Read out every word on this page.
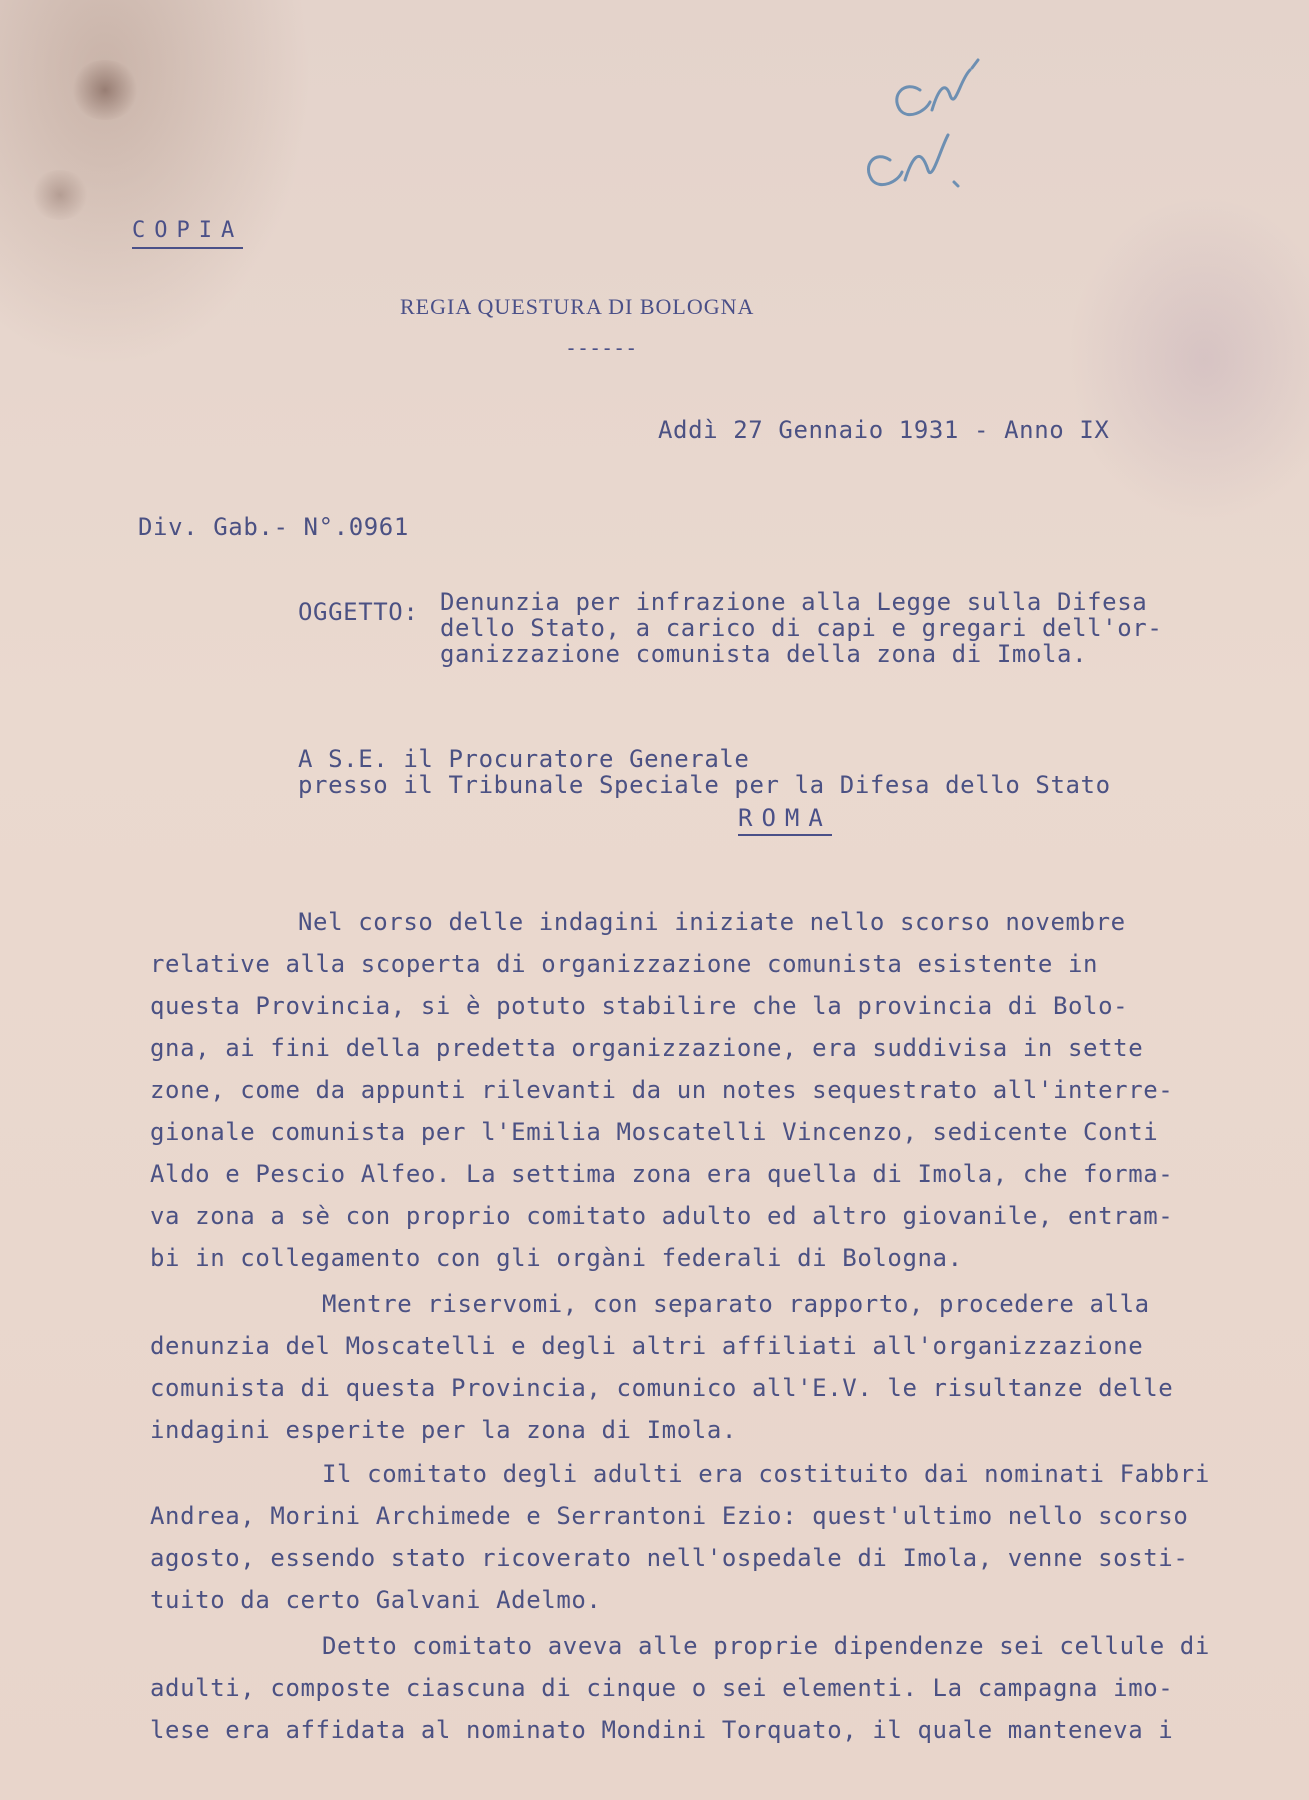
COPIA
REGIA QUESTURA DI BOLOGNA
------
Addì 27 Gennaio 1931 - Anno IX
Div. Gab.- N°.0961
OGGETTO: Denunzia per infrazione alla Legge sulla Difesa
dello Stato, a carico di capi e gregari dell'or-
ganizzazione comunista della zona di Imola.
A S.E. il Procuratore Generale
presso il Tribunale Speciale per la Difesa dello Stato
ROMA
Nel corso delle indagini iniziate nello scorso novembre
relative alla scoperta di organizzazione comunista esistente in
questa Provincia, si è potuto stabilire che la provincia di Bolo-
gna, ai fini della predetta organizzazione, era suddivisa in sette
zone, come da appunti rilevanti da un notes sequestrato all'interre-
gionale comunista per l'Emilia Moscatelli Vincenzo, sedicente Conti
Aldo e Pescio Alfeo. La settima zona era quella di Imola, che forma-
va zona a sè con proprio comitato adulto ed altro giovanile, entram-
bi in collegamento con gli orgàni federali di Bologna.
Mentre riservomi, con separato rapporto, procedere alla
denunzia del Moscatelli e degli altri affiliati all'organizzazione
comunista di questa Provincia, comunico all'E.V. le risultanze delle
indagini esperite per la zona di Imola.
Il comitato degli adulti era costituito dai nominati Fabbri
Andrea, Morini Archimede e Serrantoni Ezio: quest'ultimo nello scorso
agosto, essendo stato ricoverato nell'ospedale di Imola, venne sosti-
tuito da certo Galvani Adelmo.
Detto comitato aveva alle proprie dipendenze sei cellule di
adulti, composte ciascuna di cinque o sei elementi. La campagna imo-
lese era affidata al nominato Mondini Torquato, il quale manteneva i
